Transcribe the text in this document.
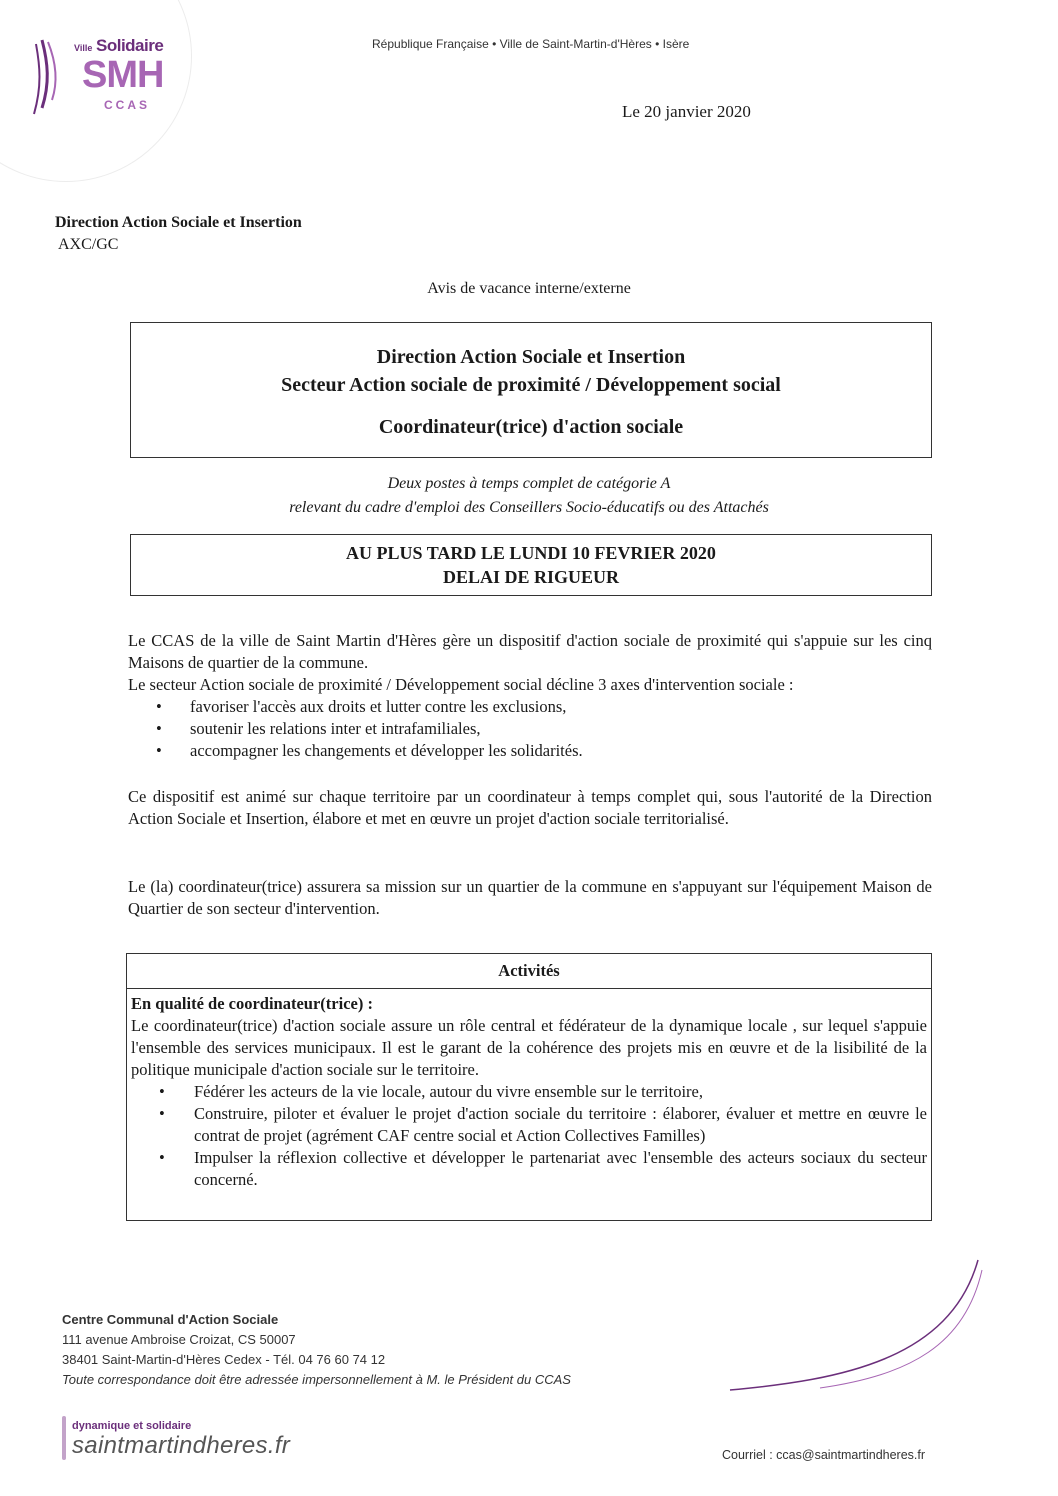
Ville Solidaire
SMH
CCAS
République Française • Ville de Saint-Martin-d'Hères • Isère
Le 20 janvier 2020
Direction Action Sociale et Insertion
AXC/GC
Avis de vacance interne/externe
Direction Action Sociale et Insertion
Secteur Action sociale de proximité / Développement social
Coordinateur(trice) d'action sociale
Deux postes à temps complet de catégorie A
relevant du cadre d'emploi des Conseillers Socio-éducatifs ou des Attachés
AU PLUS TARD LE LUNDI 10 FEVRIER 2020
DELAI DE RIGUEUR
Le CCAS de la ville de Saint Martin d'Hères gère un dispositif d'action sociale de proximité qui s'appuie sur les cinq Maisons de quartier de la commune.
Le secteur Action sociale de proximité / Développement social décline 3 axes d'intervention sociale :
• favoriser l'accès aux droits et lutter contre les exclusions,
• soutenir les relations inter et intrafamiliales,
• accompagner les changements et développer les solidarités.
Ce dispositif est animé sur chaque territoire par un coordinateur à temps complet qui, sous l'autorité de la Direction Action Sociale et Insertion, élabore et met en œuvre un projet d'action sociale territorialisé.
Le (la) coordinateur(trice) assurera sa mission sur un quartier de la commune en s'appuyant sur l'équipement Maison de Quartier de son secteur d'intervention.
Activités
En qualité de coordinateur(trice) :
Le coordinateur(trice) d'action sociale assure un rôle central et fédérateur de la dynamique locale , sur lequel s'appuie l'ensemble des services municipaux. Il est le garant de la cohérence des projets mis en œuvre et de la lisibilité de la politique municipale d'action sociale sur le territoire.
• Fédérer les acteurs de la vie locale, autour du vivre ensemble sur le territoire,
• Construire, piloter et évaluer le projet d'action sociale du territoire : élaborer, évaluer et mettre en œuvre le contrat de projet (agrément CAF centre social et Action Collectives Familles)
• Impulser la réflexion collective et développer le partenariat avec l'ensemble des acteurs sociaux du secteur concerné.
Centre Communal d'Action Sociale
111 avenue Ambroise Croizat, CS 50007
38401 Saint-Martin-d'Hères Cedex - Tél. 04 76 60 74 12
Toute correspondance doit être adressée impersonnellement à M. le Président du CCAS
dynamique et solidaire
saintmartindheres.fr	Courriel : ccas@saintmartindheres.fr
